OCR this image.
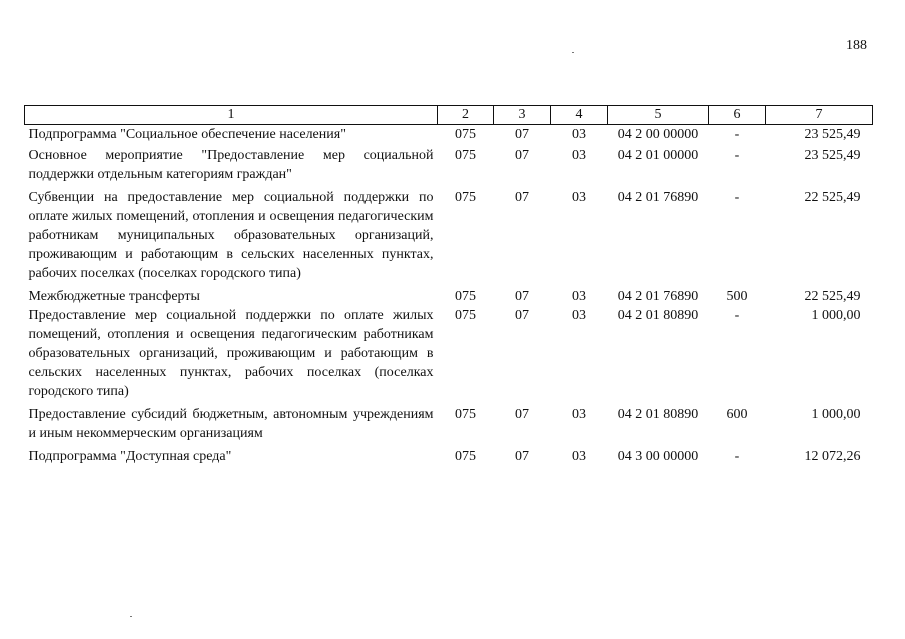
188
1	2	3	4	5	6	7
Подпрограмма "Социальное обеспечение населения"	075	07	03	04 2 00 00000	-	23 525,49
Основное мероприятие "Предоставление мер социальной поддержки отдельным категориям граждан"	075	07	03	04 2 01 00000	-	23 525,49
Субвенции на предоставление мер социальной поддержки по оплате жилых помещений, отопления и освещения педагогическим работникам муниципальных образовательных организаций, проживающим и работающим в сельских населенных пунктах, рабочих поселках (поселках городского типа)	075	07	03	04 2 01 76890	-	22 525,49
Межбюджетные трансферты	075	07	03	04 2 01 76890	500	22 525,49
Предоставление мер социальной поддержки по оплате жилых помещений, отопления и освещения педагогическим работникам образовательных организаций, проживающим и работающим в сельских населенных пунктах, рабочих поселках (поселках городского типа)	075	07	03	04 2 01 80890	-	1 000,00
Предоставление субсидий бюджетным, автономным учреждениям и иным некоммерческим организациям	075	07	03	04 2 01 80890	600	1 000,00
Подпрограмма "Доступная среда"	075	07	03	04 3 00 00000	-	12 072,26
